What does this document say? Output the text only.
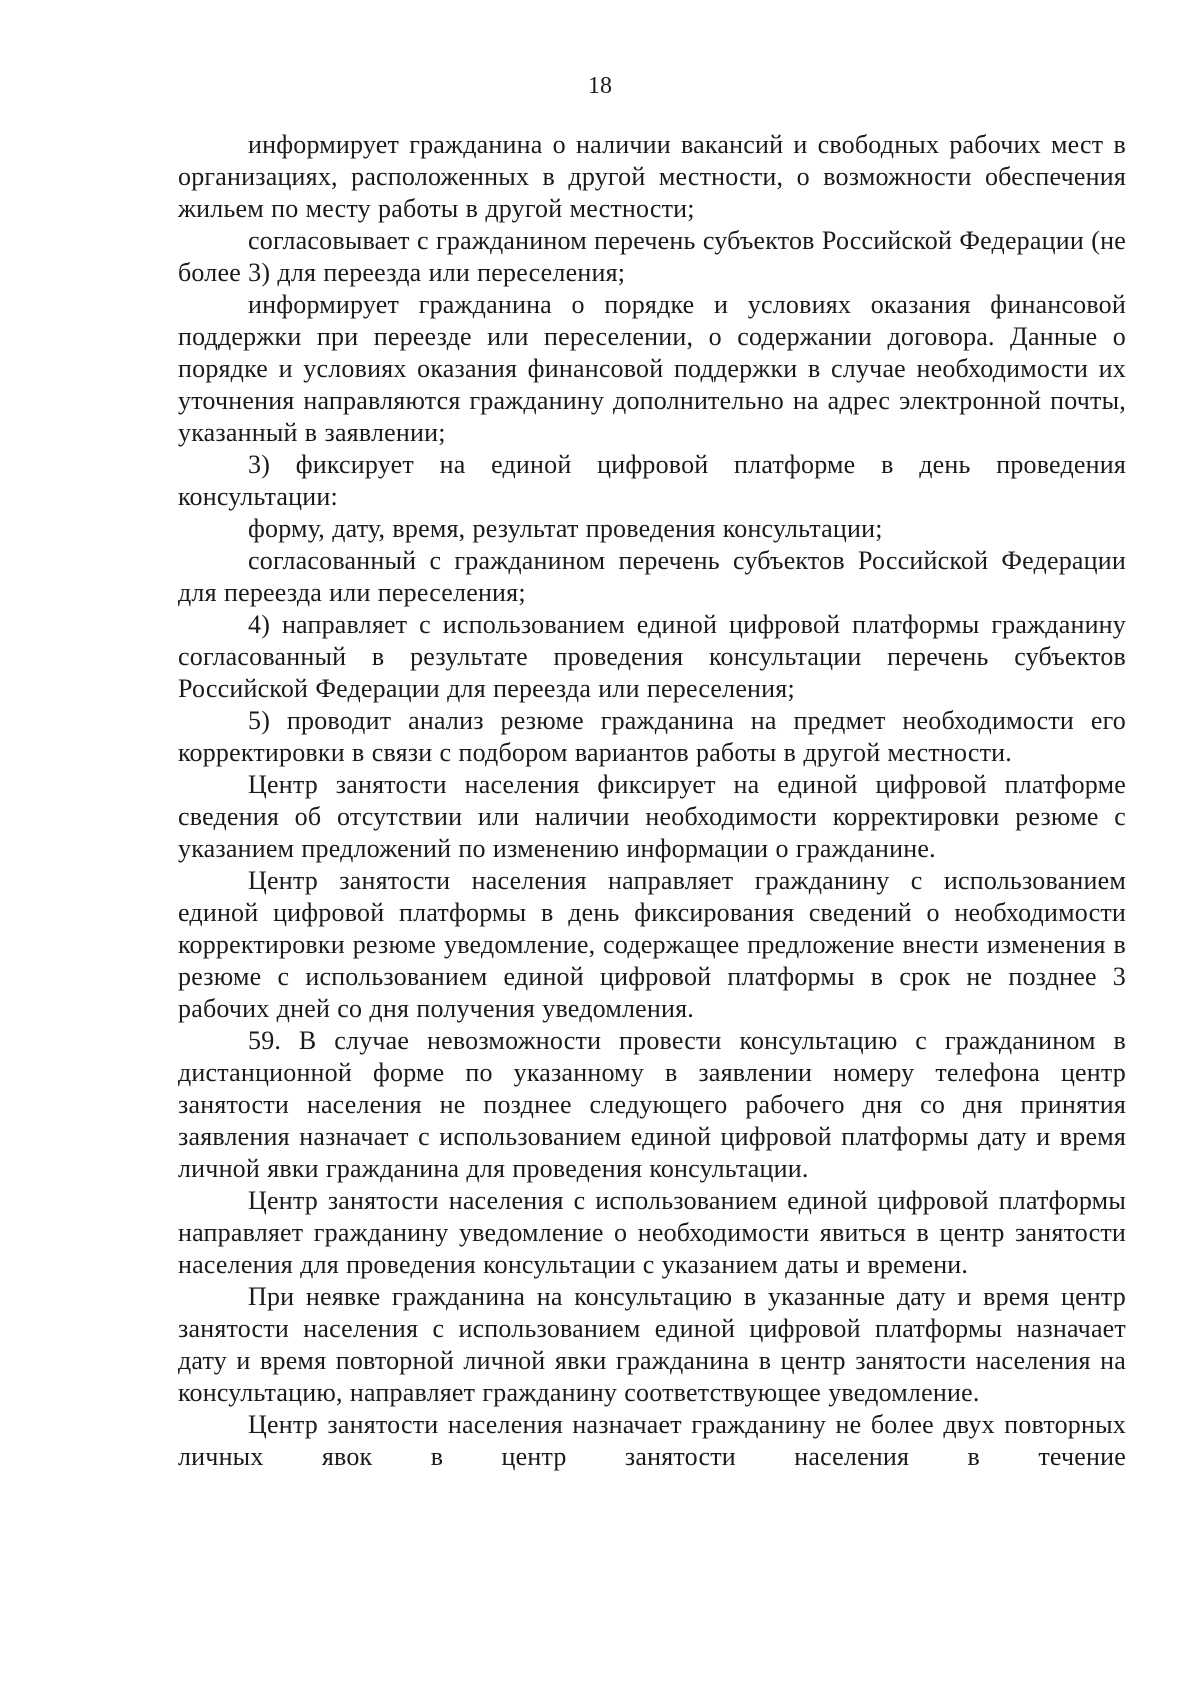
18

информирует гражданина о наличии вакансий и свободных рабочих мест в организациях, расположенных в другой местности, о возможности обеспечения жильем по месту работы в другой местности;

согласовывает с гражданином перечень субъектов Российской Федерации (не более 3) для переезда или переселения;

информирует гражданина о порядке и условиях оказания финансовой поддержки при переезде или переселении, о содержании договора. Данные о порядке и условиях оказания финансовой поддержки в случае необходимости их уточнения направляются гражданину дополнительно на адрес электронной почты, указанный в заявлении;

3) фиксирует на единой цифровой платформе в день проведения консультации:

форму, дату, время, результат проведения консультации;

согласованный с гражданином перечень субъектов Российской Федерации для переезда или переселения;

4) направляет с использованием единой цифровой платформы гражданину согласованный в результате проведения консультации перечень субъектов Российской Федерации для переезда или переселения;

5) проводит анализ резюме гражданина на предмет необходимости его корректировки в связи с подбором вариантов работы в другой местности.

Центр занятости населения фиксирует на единой цифровой платформе сведения об отсутствии или наличии необходимости корректировки резюме с указанием предложений по изменению информации о гражданине.

Центр занятости населения направляет гражданину с использованием единой цифровой платформы в день фиксирования сведений о необходимости корректировки резюме уведомление, содержащее предложение внести изменения в резюме с использованием единой цифровой платформы в срок не позднее 3 рабочих дней со дня получения уведомления.

59. В случае невозможности провести консультацию с гражданином в дистанционной форме по указанному в заявлении номеру телефона центр занятости населения не позднее следующего рабочего дня со дня принятия заявления назначает с использованием единой цифровой платформы дату и время личной явки гражданина для проведения консультации.

Центр занятости населения с использованием единой цифровой платформы направляет гражданину уведомление о необходимости явиться в центр занятости населения для проведения консультации с указанием даты и времени.

При неявке гражданина на консультацию в указанные дату и время центр занятости населения с использованием единой цифровой платформы назначает дату и время повторной личной явки гражданина в центр занятости населения на консультацию, направляет гражданину соответствующее уведомление.

Центр занятости населения назначает гражданину не более двух повторных личных явок в центр занятости населения в течение
